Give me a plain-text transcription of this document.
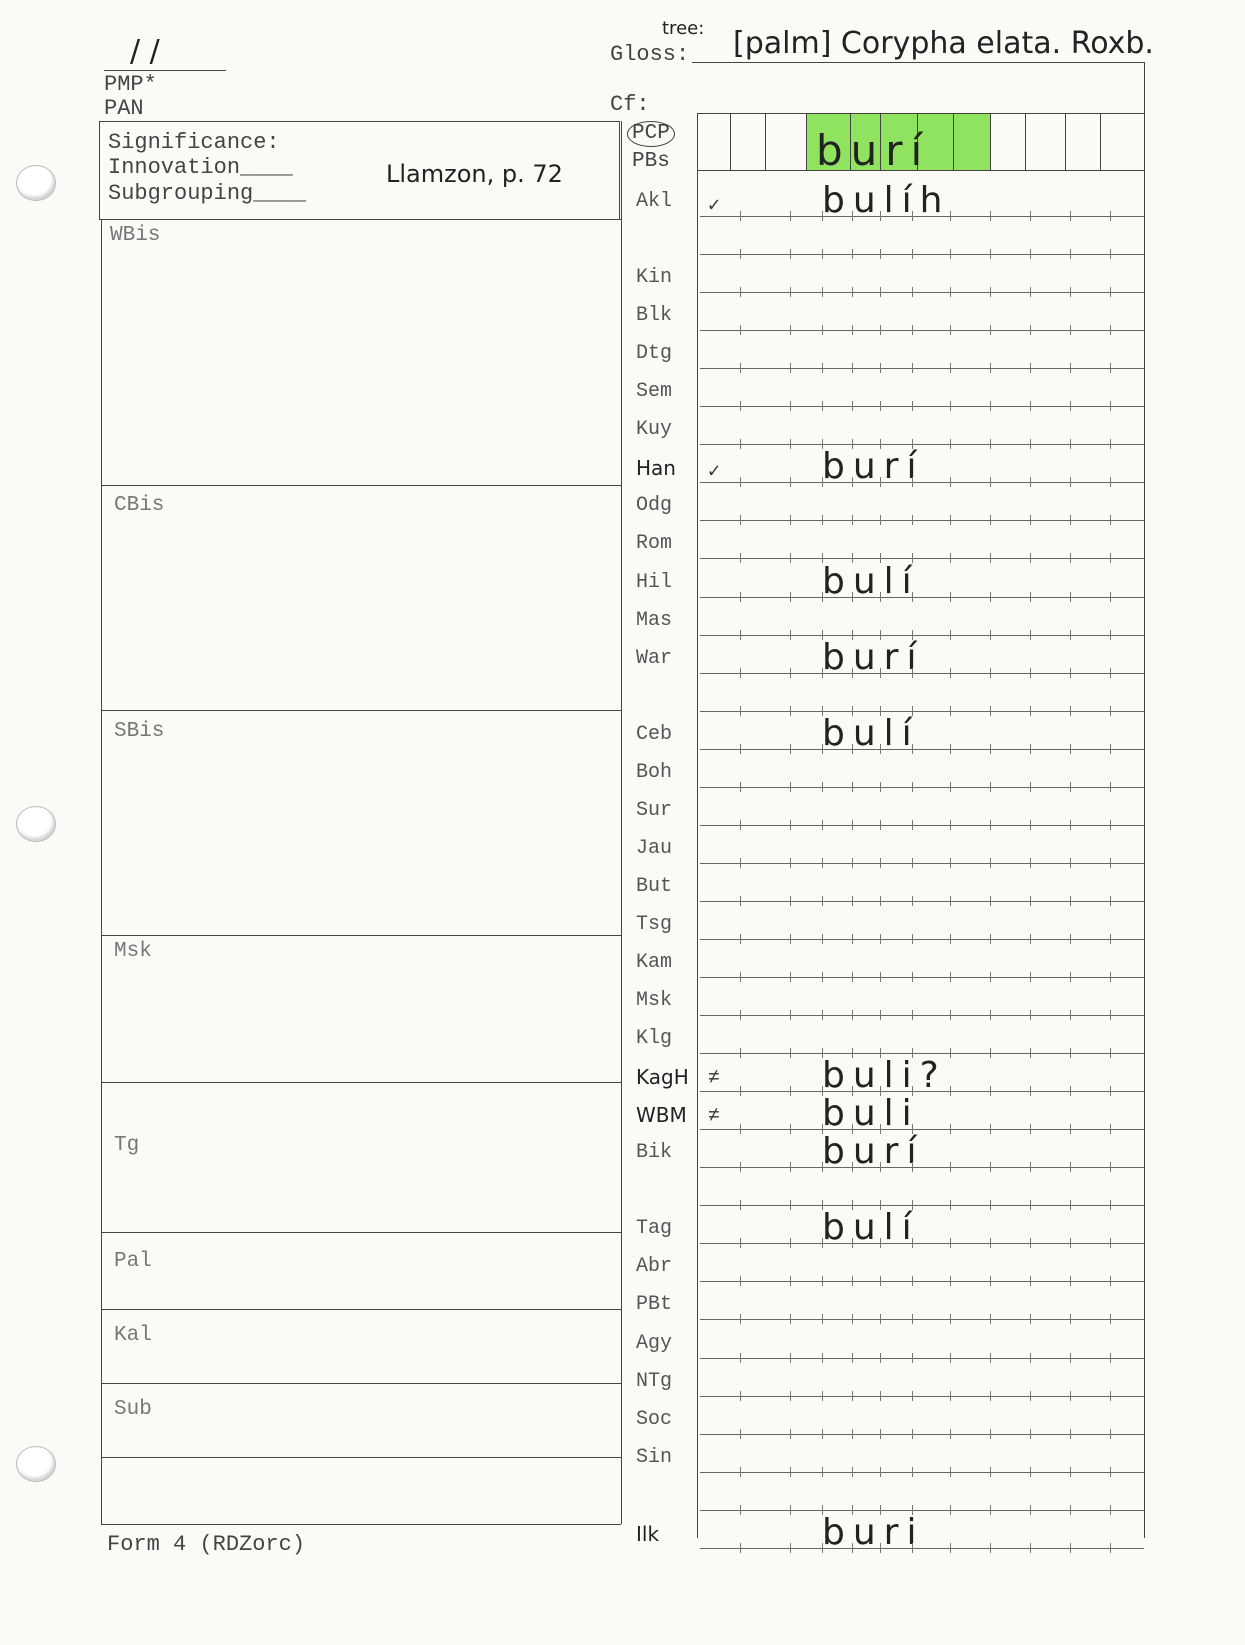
/ /
PMP*
PAN
Gloss:
tree: [palm] Corypha elata. Roxb.
Cf:
Significance:
Innovation____
Subgrouping____
Llamzon, p. 72
WBis
CBis
SBis
Msk
Tg
Pal
Kal
Sub
PCP
PBs	burí
Akl ✓	bulíh
Kin
Blk
Dtg
Sem
Kuy
Han ✓	burí
Odg
Rom
Hil	bulí
Mas
War	burí
Ceb	bulí
Boh
Sur
Jau
But
Tsg
Kam
Msk
Klg
KagH ≠	buli?
WBM ≠	buli
Bik	burí
Tag	bulí
Abr
PBt
Agy
NTg
Soc
Sin
Ilk	buri
Form 4 (RDZorc)
